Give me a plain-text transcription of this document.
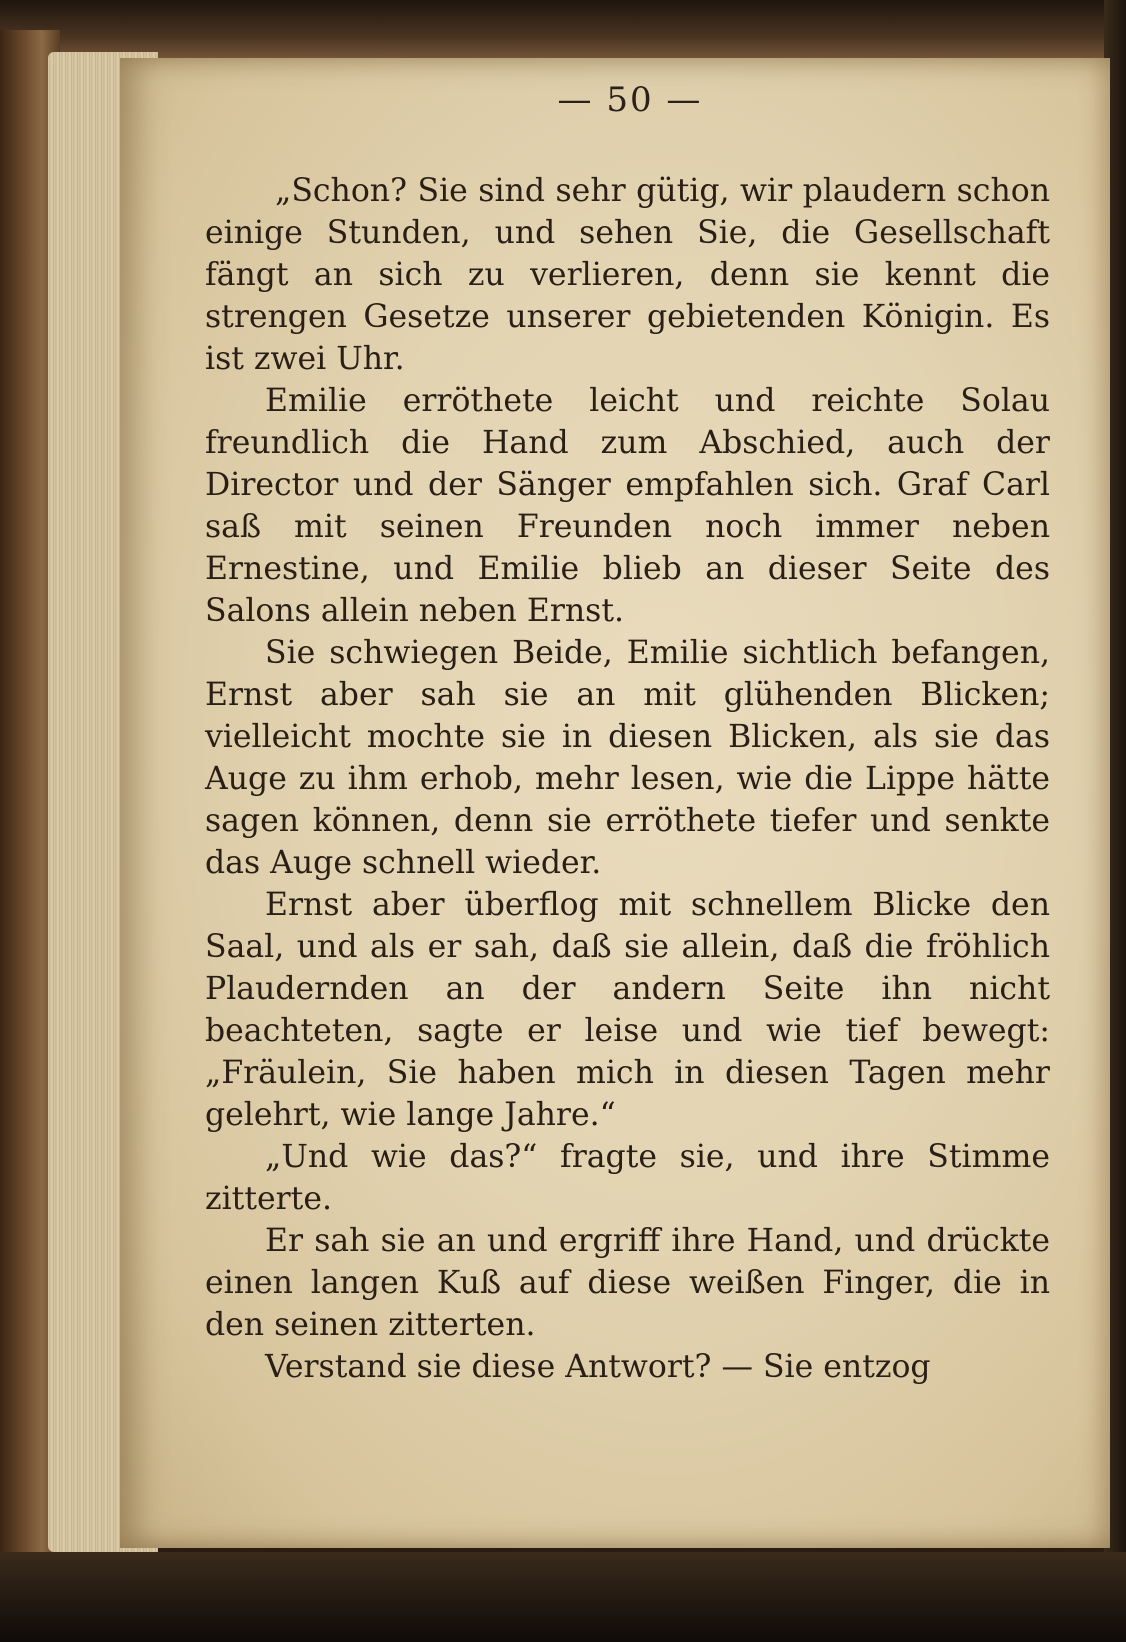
— 50 —

„Schon? Sie sind sehr gütig, wir plaudern schon einige Stunden, und sehen Sie, die Gesellschaft fängt an sich zu verlieren, denn sie kennt die strengen Gesetze unserer gebietenden Königin. Es ist zwei Uhr.

Emilie erröthete leicht und reichte Solau freundlich die Hand zum Abschied, auch der Director und der Sänger empfahlen sich. Graf Carl saß mit seinen Freunden noch immer neben Ernestine, und Emilie blieb an dieser Seite des Salons allein neben Ernst.

Sie schwiegen Beide, Emilie sichtlich befangen, Ernst aber sah sie an mit glühenden Blicken; vielleicht mochte sie in diesen Blicken, als sie das Auge zu ihm erhob, mehr lesen, wie die Lippe hätte sagen können, denn sie erröthete tiefer und senkte das Auge schnell wieder.

Ernst aber überflog mit schnellem Blicke den Saal, und als er sah, daß sie allein, daß die fröhlich Plaudernden an der andern Seite ihn nicht beachteten, sagte er leise und wie tief bewegt: „Fräulein, Sie haben mich in diesen Tagen mehr gelehrt, wie lange Jahre.“

„Und wie das?“ fragte sie, und ihre Stimme zitterte.

Er sah sie an und ergriff ihre Hand, und drückte einen langen Kuß auf diese weißen Finger, die in den seinen zitterten.

Verstand sie diese Antwort? — Sie entzog
